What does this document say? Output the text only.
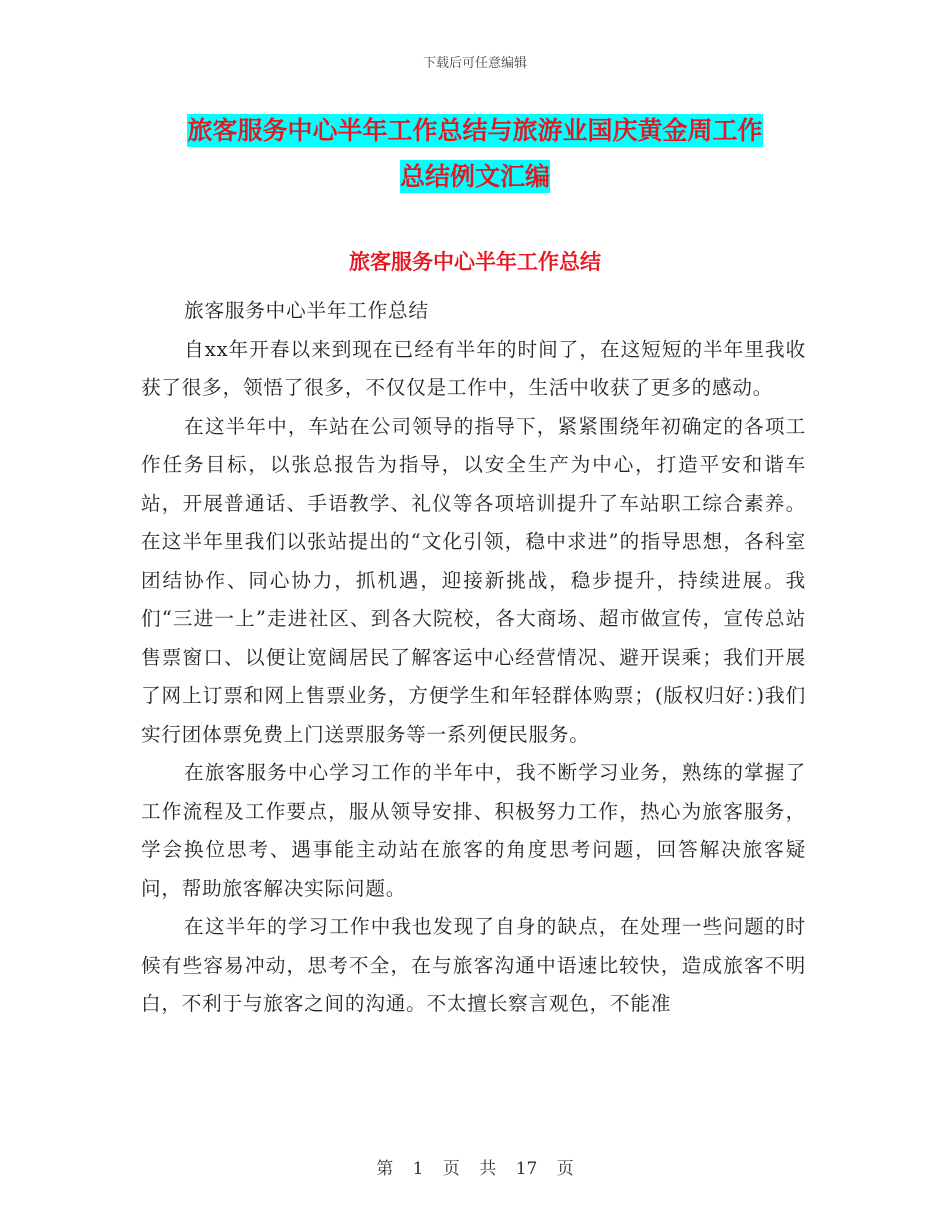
下载后可任意编辑
旅客服务中心半年工作总结与旅游业国庆黄金周工作
总结例文汇编
旅客服务中心半年工作总结

旅客服务中心半年工作总结

自xx年开春以来到现在已经有半年的时间了，在这短短的半年里我收获了很多，领悟了很多，不仅仅是工作中，生活中收获了更多的感动。

在这半年中，车站在公司领导的指导下，紧紧围绕年初确定的各项工作任务目标，以张总报告为指导，以安全生产为中心，打造平安和谐车站，开展普通话、手语教学、礼仪等各项培训提升了车站职工综合素养。在这半年里我们以张站提出的“文化引领，稳中求进”的指导思想，各科室团结协作、同心协力，抓机遇，迎接新挑战，稳步提升，持续进展。我们“三进一上”走进社区、到各大院校，各大商场、超市做宣传，宣传总站售票窗口、以便让宽阔居民了解客运中心经营情况、避开误乘；我们开展了网上订票和网上售票业务，方便学生和年轻群体购票；(版权归好：)我们实行团体票免费上门送票服务等一系列便民服务。

在旅客服务中心学习工作的半年中，我不断学习业务，熟练的掌握了工作流程及工作要点，服从领导安排、积极努力工作，热心为旅客服务，学会换位思考、遇事能主动站在旅客的角度思考问题，回答解决旅客疑问，帮助旅客解决实际问题。

在这半年的学习工作中我也发现了自身的缺点，在处理一些问题的时候有些容易冲动，思考不全，在与旅客沟通中语速比较快，造成旅客不明白，不利于与旅客之间的沟通。不太擅长察言观色，不能准

第 1 页 共 17 页
